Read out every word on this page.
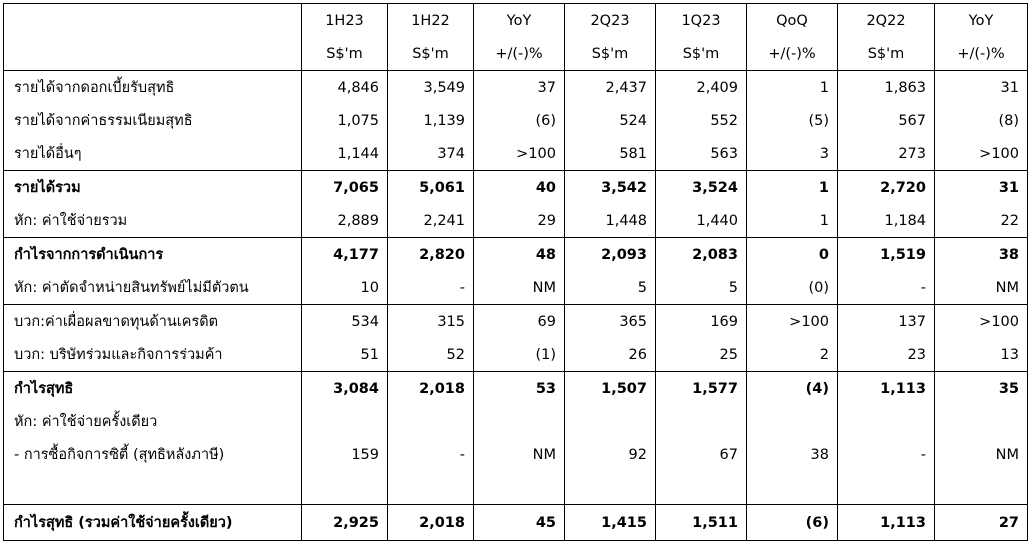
	1H23	1H22	YoY	2Q23	1Q23	QoQ	2Q22	YoY
	S$'m	S$'m	+/(-)%	S$'m	S$'m	+/(-)%	S$'m	+/(-)%
รายได้จากดอกเบี้ยรับสุทธิ	4,846	3,549	37	2,437	2,409	1	1,863	31
รายได้จากค่าธรรมเนียมสุทธิ	1,075	1,139	(6)	524	552	(5)	567	(8)
รายได้อื่นๆ	1,144	374	>100	581	563	3	273	>100
รายได้รวม	7,065	5,061	40	3,542	3,524	1	2,720	31
หัก: ค่าใช้จ่ายรวม	2,889	2,241	29	1,448	1,440	1	1,184	22
กำไรจากการดำเนินการ	4,177	2,820	48	2,093	2,083	0	1,519	38
หัก: ค่าตัดจำหน่ายสินทรัพย์ไม่มีตัวตน	10	-	NM	5	5	(0)	-	NM
บวก:ค่าเผื่อผลขาดทุนด้านเครดิต	534	315	69	365	169	>100	137	>100
บวก: บริษัทร่วมและกิจการร่วมค้า	51	52	(1)	26	25	2	23	13
กำไรสุทธิ	3,084	2,018	53	1,507	1,577	(4)	1,113	35
หัก: ค่าใช้จ่ายครั้งเดียว								
- การซื้อกิจการซิตี้ (สุทธิหลังภาษี)	159	-	NM	92	67	38	-	NM

กำไรสุทธิ (รวมค่าใช้จ่ายครั้งเดียว)	2,925	2,018	45	1,415	1,511	(6)	1,113	27
